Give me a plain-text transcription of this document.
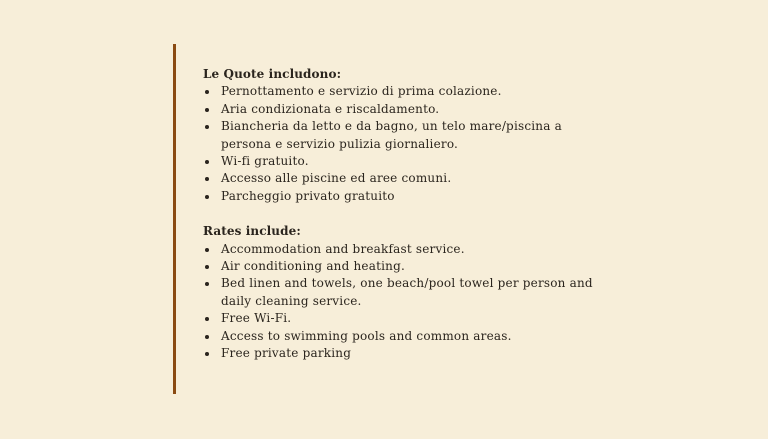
Le Quote includono:
Pernottamento e servizio di prima colazione.
Aria condizionata e riscaldamento.
Biancheria da letto e da bagno, un telo mare/piscina a persona e servizio pulizia giornaliero.
Wi-fi gratuito.
Accesso alle piscine ed aree comuni.
Parcheggio privato gratuito
Rates include:
Accommodation and breakfast service.
Air conditioning and heating.
Bed linen and towels, one beach/pool towel per person and daily cleaning service.
Free Wi-Fi.
Access to swimming pools and common areas.
Free private parking
